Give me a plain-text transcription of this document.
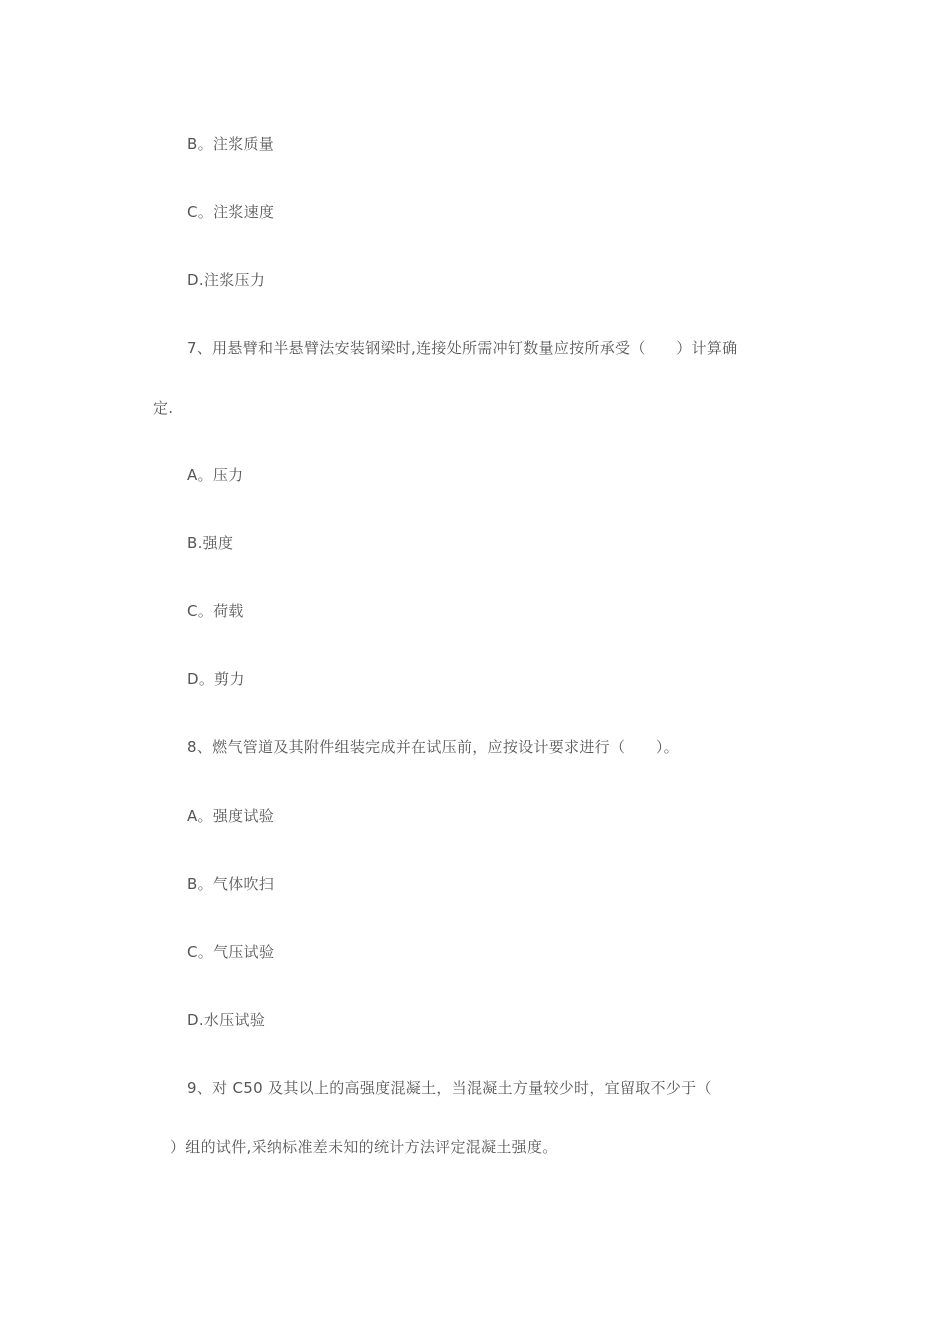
B。注浆质量
C。注浆速度
D.注浆压力
7、用悬臂和半悬臂法安装钢梁时,连接处所需冲钉数量应按所承受（　　）计算确
定.
A。压力
B.强度
C。荷载
D。剪力
8、燃气管道及其附件组装完成并在试压前，应按设计要求进行（　　）。
A。强度试验
B。气体吹扫
C。气压试验
D.水压试验
9、对 C50 及其以上的高强度混凝土，当混凝土方量较少时，宜留取不少于（
）组的试件,采纳标准差未知的统计方法评定混凝土强度。
